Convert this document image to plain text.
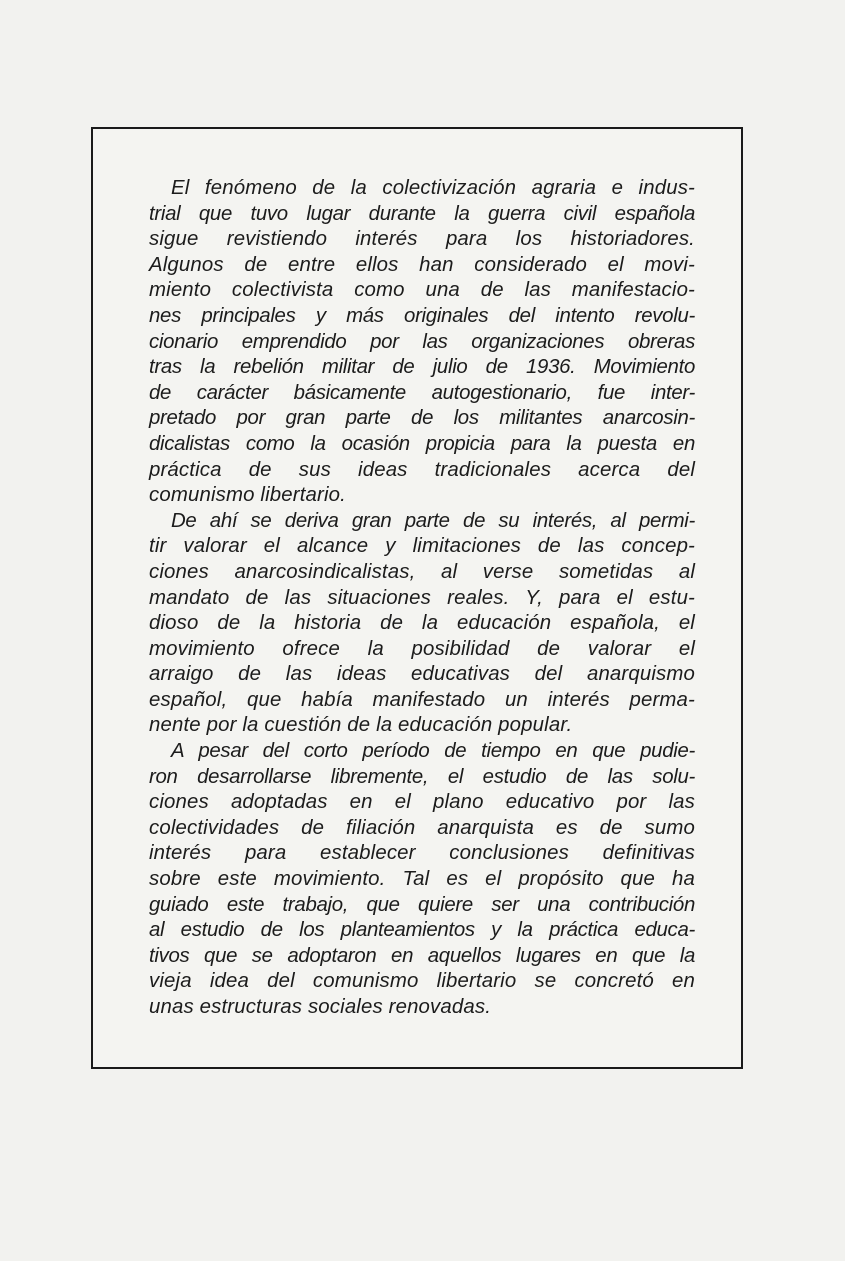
El fenómeno de la colectivización agraria e indus-
trial que tuvo lugar durante la guerra civil española
sigue revistiendo interés para los historiadores.
Algunos de entre ellos han considerado el movi-
miento colectivista como una de las manifestacio-
nes principales y más originales del intento revolu-
cionario emprendido por las organizaciones obreras
tras la rebelión militar de julio de 1936. Movimiento
de carácter básicamente autogestionario, fue inter-
pretado por gran parte de los militantes anarcosin-
dicalistas como la ocasión propicia para la puesta en
práctica de sus ideas tradicionales acerca del
comunismo libertario.
De ahí se deriva gran parte de su interés, al permi-
tir valorar el alcance y limitaciones de las concep-
ciones anarcosindicalistas, al verse sometidas al
mandato de las situaciones reales. Y, para el estu-
dioso de la historia de la educación española, el
movimiento ofrece la posibilidad de valorar el
arraigo de las ideas educativas del anarquismo
español, que había manifestado un interés perma-
nente por la cuestión de la educación popular.
A pesar del corto período de tiempo en que pudie-
ron desarrollarse libremente, el estudio de las solu-
ciones adoptadas en el plano educativo por las
colectividades de filiación anarquista es de sumo
interés para establecer conclusiones definitivas
sobre este movimiento. Tal es el propósito que ha
guiado este trabajo, que quiere ser una contribución
al estudio de los planteamientos y la práctica educa-
tivos que se adoptaron en aquellos lugares en que la
vieja idea del comunismo libertario se concretó en
unas estructuras sociales renovadas.
